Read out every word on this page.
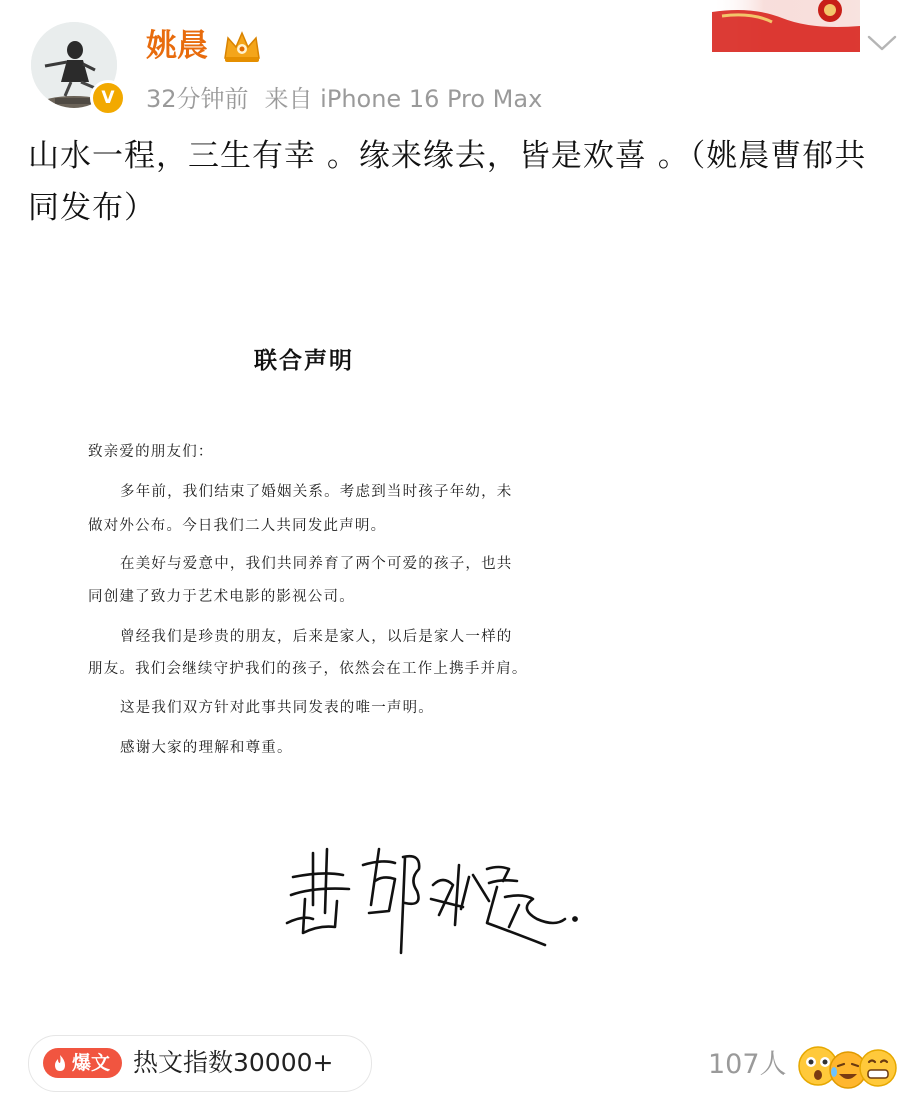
V
姚晨
32分钟前 来自 iPhone 16 Pro Max
山水一程，三生有幸 。缘来缘去，皆是欢喜 。（姚晨曹郁共同发布）
联合声明
致亲爱的朋友们：
多年前，我们结束了婚姻关系。考虑到当时孩子年幼，未
做对外公布。今日我们二人共同发此声明。
在美好与爱意中，我们共同养育了两个可爱的孩子，也共
同创建了致力于艺术电影的影视公司。
曾经我们是珍贵的朋友，后来是家人，以后是家人一样的
朋友。我们会继续守护我们的孩子，依然会在工作上携手并肩。
这是我们双方针对此事共同发表的唯一声明。
感谢大家的理解和尊重。
爆文 热文指数30000+	107人
